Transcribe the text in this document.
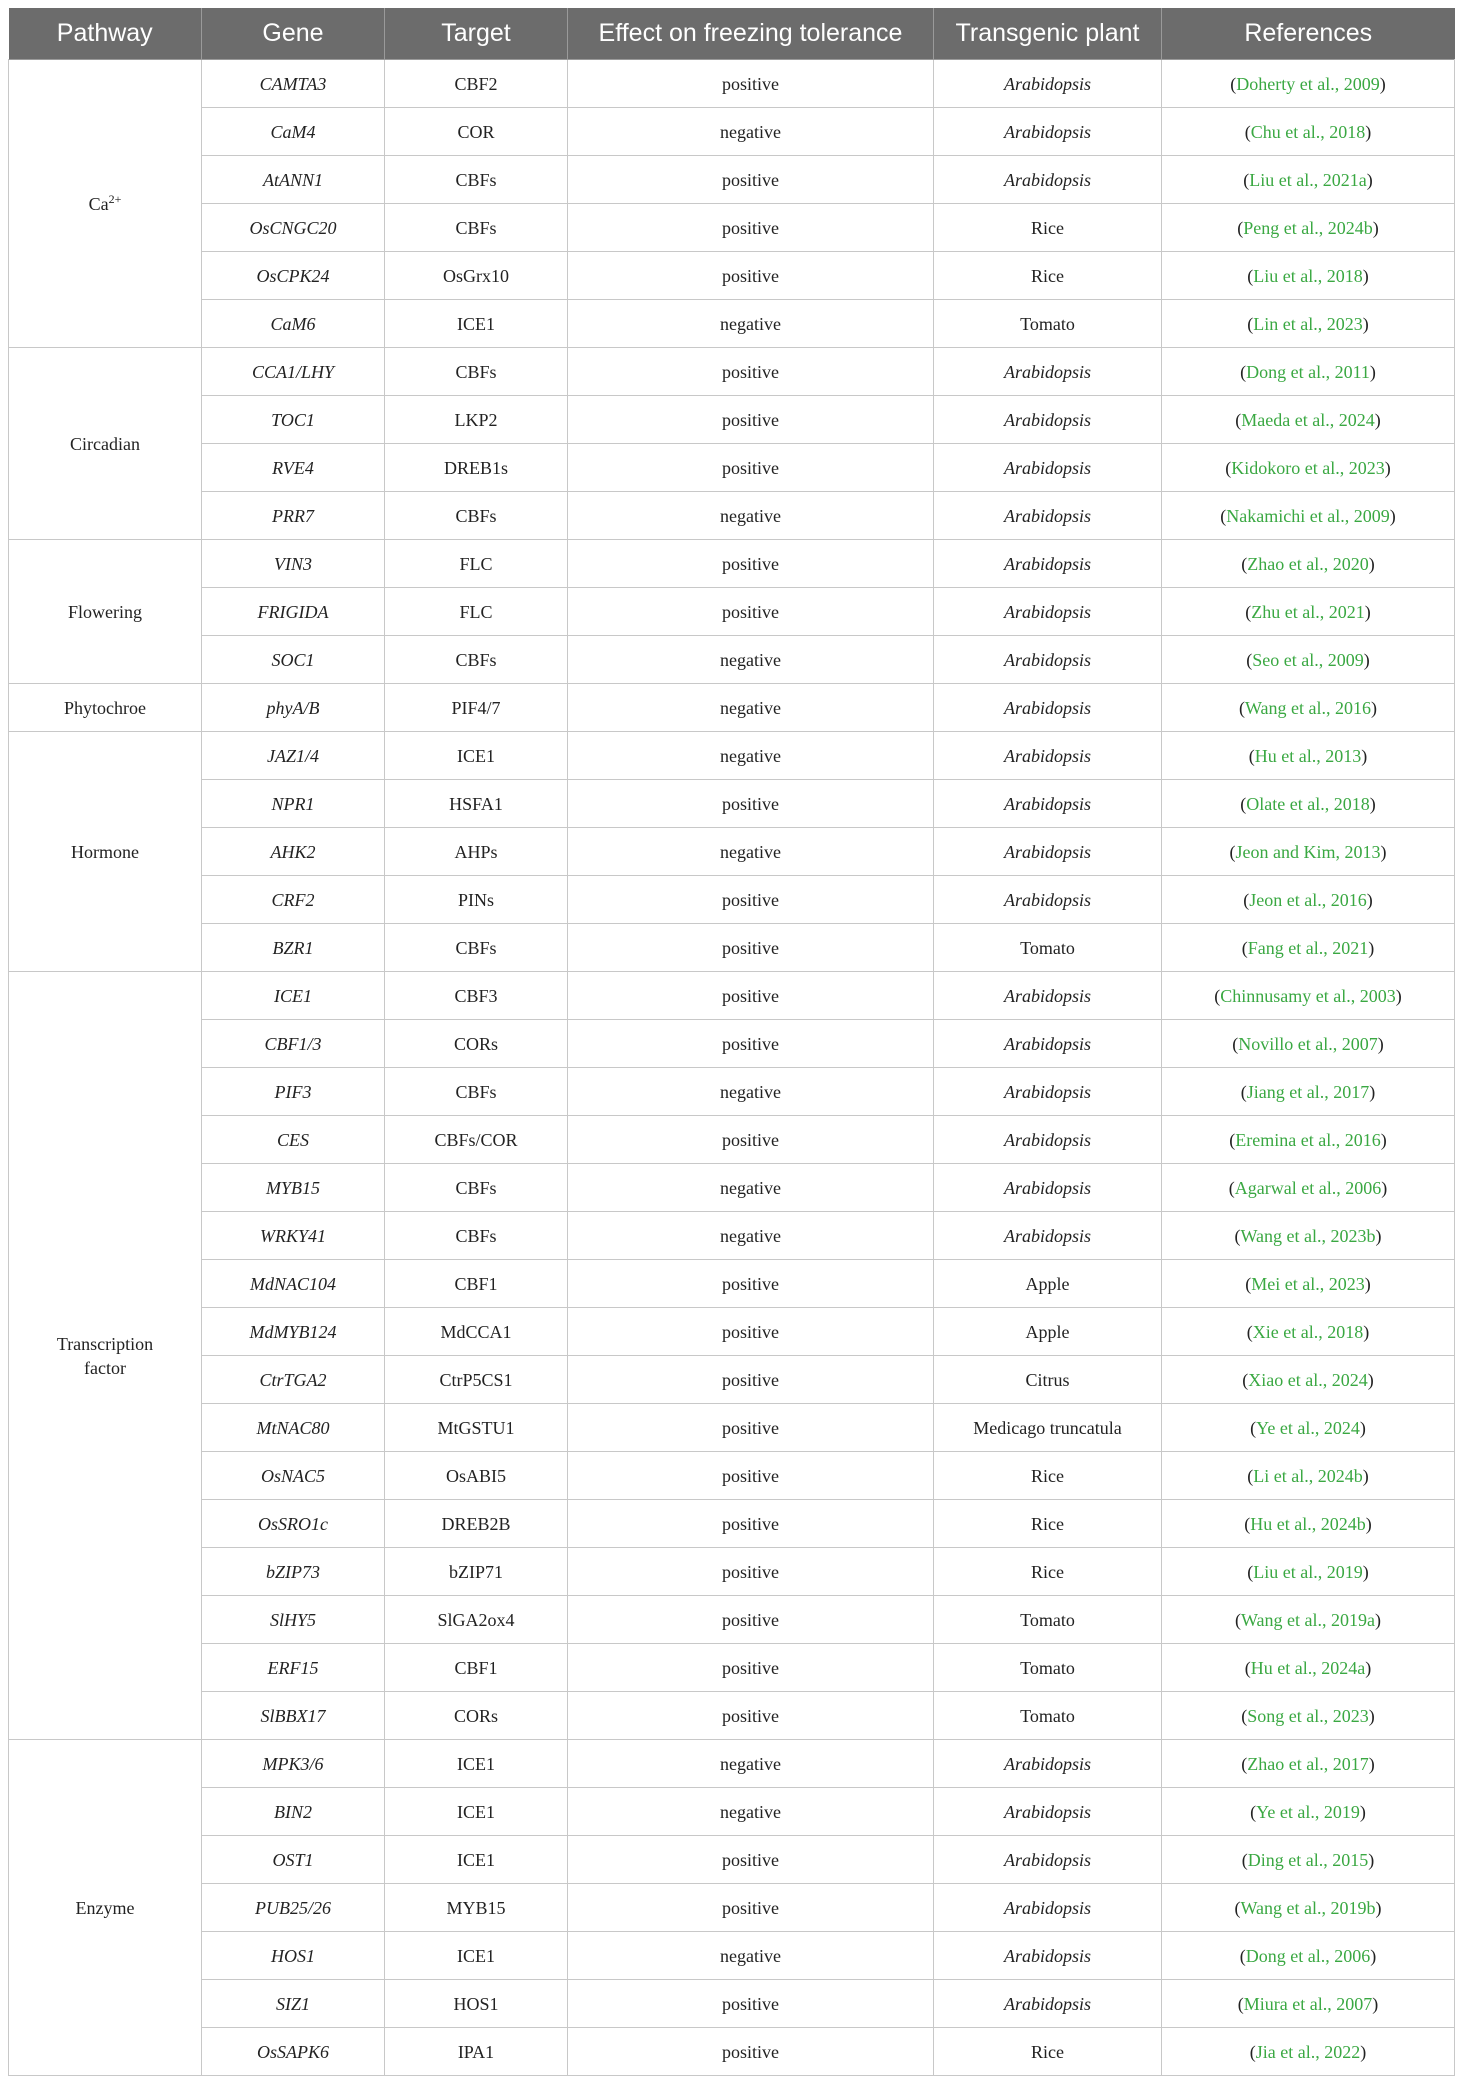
Pathway	Gene	Target	Effect on freezing tolerance	Transgenic plant	References
$Ca^{2+}$	CAMTA3	CBF2	positive	Arabidopsis	(Doherty et al., 2009)
	CaM4	COR	negative	Arabidopsis	(Chu et al., 2018)
	AtANN1	CBFs	positive	Arabidopsis	(Liu et al., 2021a)
	OsCNGC20	CBFs	positive	Rice	(Peng et al., 2024b)
	OsCPK24	OsGrx10	positive	Rice	(Liu et al., 2018)
	CaM6	ICE1	negative	Tomato	(Lin et al., 2023)
Circadian	CCA1/LHY	CBFs	positive	Arabidopsis	(Dong et al., 2011)
	TOC1	LKP2	positive	Arabidopsis	(Maeda et al., 2024)
	RVE4	DREB1s	positive	Arabidopsis	(Kidokoro et al., 2023)
	PRR7	CBFs	negative	Arabidopsis	(Nakamichi et al., 2009)
Flowering	VIN3	FLC	positive	Arabidopsis	(Zhao et al., 2020)
	FRIGIDA	FLC	positive	Arabidopsis	(Zhu et al., 2021)
	SOC1	CBFs	negative	Arabidopsis	(Seo et al., 2009)
Phytochroe	phyA/B	PIF4/7	negative	Arabidopsis	(Wang et al., 2016)
Hormone	JAZ1/4	ICE1	negative	Arabidopsis	(Hu et al., 2013)
	NPR1	HSFA1	positive	Arabidopsis	(Olate et al., 2018)
	AHK2	AHPs	negative	Arabidopsis	(Jeon and Kim, 2013)
	CRF2	PINs	positive	Arabidopsis	(Jeon et al., 2016)
	BZR1	CBFs	positive	Tomato	(Fang et al., 2021)
Transcription
factor	ICE1	CBF3	positive	Arabidopsis	(Chinnusamy et al., 2003)
	CBF1/3	CORs	positive	Arabidopsis	(Novillo et al., 2007)
	PIF3	CBFs	negative	Arabidopsis	(Jiang et al., 2017)
	CES	CBFs/COR	positive	Arabidopsis	(Eremina et al., 2016)
	MYB15	CBFs	negative	Arabidopsis	(Agarwal et al., 2006)
	WRKY41	CBFs	negative	Arabidopsis	(Wang et al., 2023b)
	MdNAC104	CBF1	positive	Apple	(Mei et al., 2023)
	MdMYB124	MdCCA1	positive	Apple	(Xie et al., 2018)
	CtrTGA2	CtrP5CS1	positive	Citrus	(Xiao et al., 2024)
	MtNAC80	MtGSTU1	positive	Medicago truncatula	(Ye et al., 2024)
	OsNAC5	OsABI5	positive	Rice	(Li et al., 2024b)
	OsSRO1c	DREB2B	positive	Rice	(Hu et al., 2024b)
	bZIP73	bZIP71	positive	Rice	(Liu et al., 2019)
	SlHY5	SlGA2ox4	positive	Tomato	(Wang et al., 2019a)
	ERF15	CBF1	positive	Tomato	(Hu et al., 2024a)
	SlBBX17	CORs	positive	Tomato	(Song et al., 2023)
Enzyme	MPK3/6	ICE1	negative	Arabidopsis	(Zhao et al., 2017)
	BIN2	ICE1	negative	Arabidopsis	(Ye et al., 2019)
	OST1	ICE1	positive	Arabidopsis	(Ding et al., 2015)
	PUB25/26	MYB15	positive	Arabidopsis	(Wang et al., 2019b)
	HOS1	ICE1	negative	Arabidopsis	(Dong et al., 2006)
	SIZ1	HOS1	positive	Arabidopsis	(Miura et al., 2007)
	OsSAPK6	IPA1	positive	Rice	(Jia et al., 2022)
